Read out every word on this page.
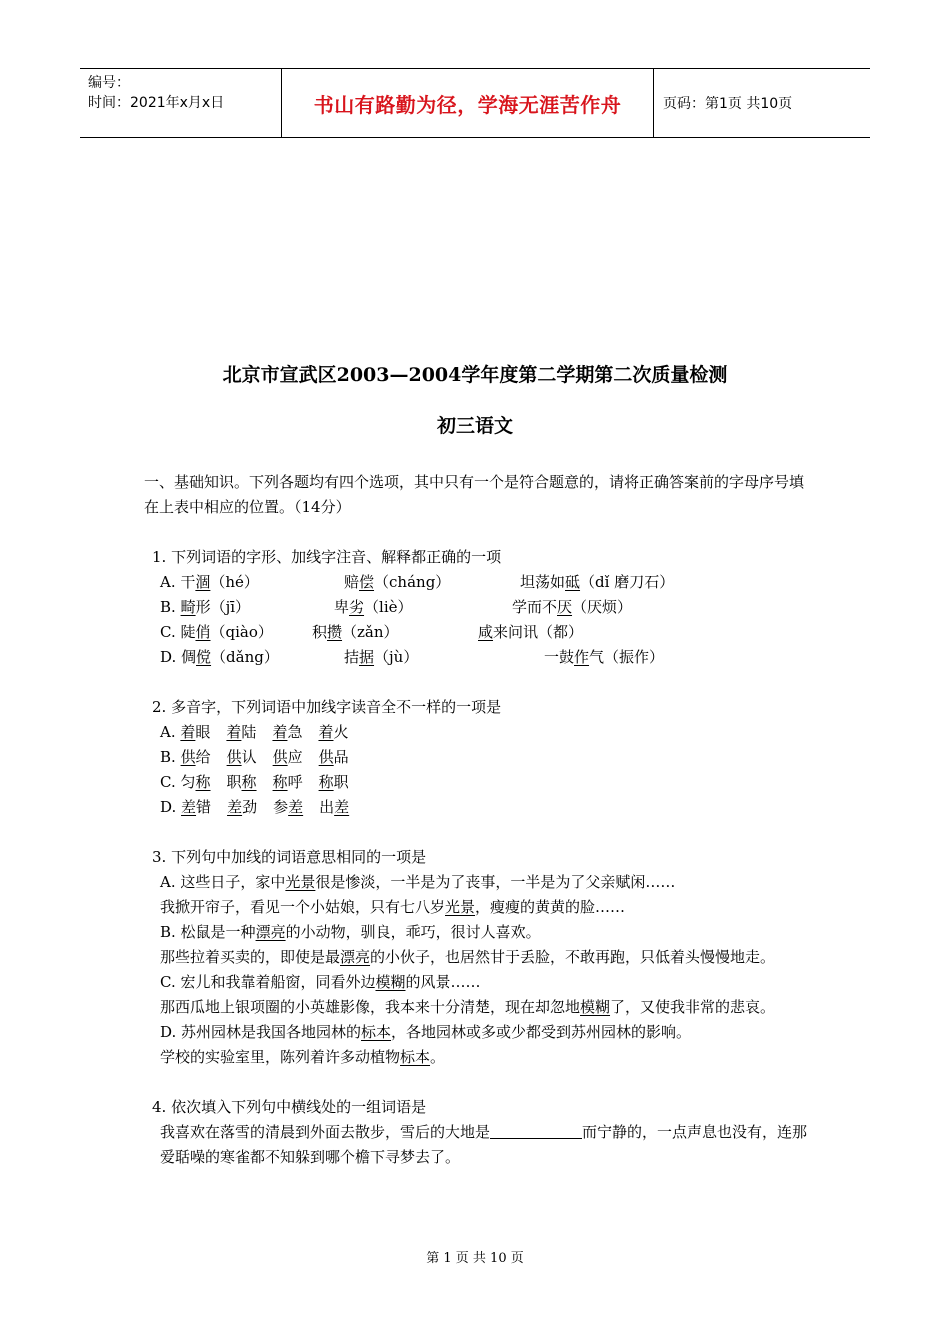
编号：
时间：2021年x月x日	书山有路勤为径，学海无涯苦作舟	页码：第1页 共10页
北京市宣武区2003—2004学年度第二学期第二次质量检测
初三语文

一、基础知识。下列各题均有四个选项，其中只有一个是符合题意的，请将正确答案前的字母序号填在上表中相应的位置。（14分）

1. 下列词语的字形、加线字注音、解释都正确的一项
A. 干涸（hé）	赔偿（cháng）	坦荡如砥（dǐ 磨刀石）
B. 畸形（jī）	卑劣（liè）	学而不厌（厌烦）
C. 陡俏（qiào）	积攒（zǎn）	咸来问讯（都）
D. 倜傥（dǎng）	拮据（jù）	一鼓作气（振作）
2. 多音字，下列词语中加线字读音全不一样的一项是
A. 着眼 着陆 着急 着火
B. 供给 供认 供应 供品
C. 匀称 职称 称呼 称职
D. 差错 差劲 参差 出差
3. 下列句中加线的词语意思相同的一项是
A. 这些日子，家中光景很是惨淡，一半是为了丧事，一半是为了父亲赋闲……
我掀开帘子，看见一个小姑娘，只有七八岁光景，瘦瘦的黄黄的脸……
B. 松鼠是一种漂亮的小动物，驯良，乖巧，很讨人喜欢。
那些拉着买卖的，即使是最漂亮的小伙子，也居然甘于丢脸，不敢再跑，只低着头慢慢地走。
C. 宏儿和我靠着船窗，同看外边模糊的风景……
那西瓜地上银项圈的小英雄影像，我本来十分清楚，现在却忽地模糊了，又使我非常的悲哀。
D. 苏州园林是我国各地园林的标本，各地园林或多或少都受到苏州园林的影响。
学校的实验室里，陈列着许多动植物标本。
4. 依次填入下列句中横线处的一组词语是
我喜欢在落雪的清晨到外面去散步，雪后的大地是	而宁静的，一点声息也没有，连那爱聒噪的寒雀都不知躲到哪个檐下寻梦去了。
第 1 页 共 10 页
